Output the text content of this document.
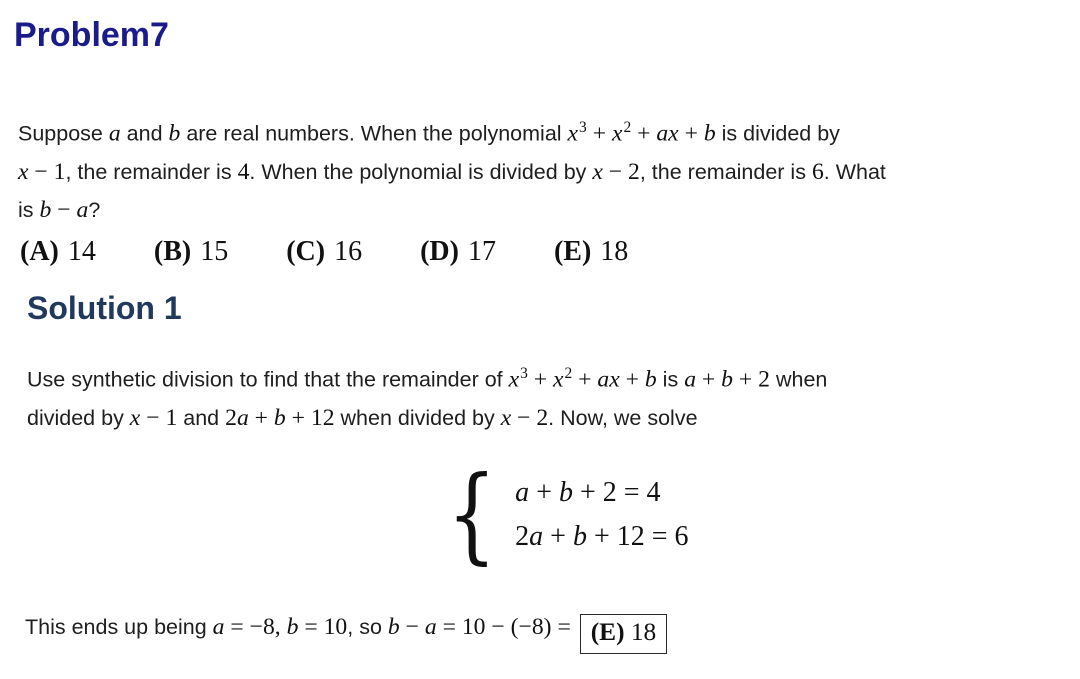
Problem7
Suppose a and b are real numbers. When the polynomial $x^3 + x^2$ + ax + b is divided by
x − 1, the remainder is 4. When the polynomial is divided by x − 2, the remainder is 6. What
is b − a?
(A) 14 (B) 15 (C) 16 (D) 17 (E) 18
Solution 1
Use synthetic division to find that the remainder of $x^3 + x^2$ + ax + b is a + b + 2 when
divided by x − 1 and 2a + b + 12 when divided by x − 2. Now, we solve
{ a + b + 2 = 4
2a + b + 12 = 6
This ends up being a = −8, b = 10, so b − a = 10 − (−8) = (E) 18
